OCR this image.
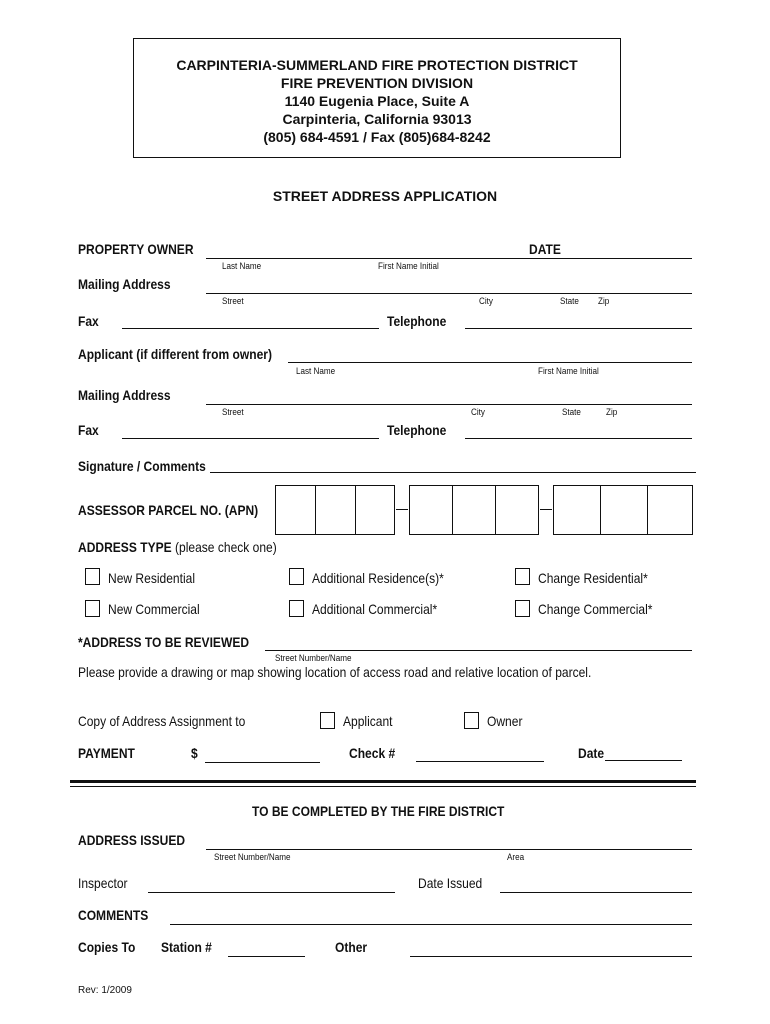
CARPINTERIA-SUMMERLAND FIRE PROTECTION DISTRICT
FIRE PREVENTION DIVISION
1140 Eugenia Place, Suite A
Carpinteria, California 93013
(805) 684-4591 / Fax (805)684-8242
STREET ADDRESS APPLICATION
PROPERTY OWNER	DATE
Last Name	First Name Initial
Mailing Address
Street	City	State Zip
Fax	Telephone
Applicant (if different from owner)
Last Name	First Name Initial
Mailing Address
Street	City	State	Zip
Fax	Telephone
Signature / Comments
ASSESSOR PARCEL NO. (APN)
ADDRESS TYPE (please check one)
New Residential	Additional Residence(s)*	Change Residential*
New Commercial	Additional Commercial*	Change Commercial*
*ADDRESS TO BE REVIEWED
Street Number/Name
Please provide a drawing or map showing location of access road and relative location of parcel.
Copy of Address Assignment to	Applicant	Owner
PAYMENT	$	Check #	Date
TO BE COMPLETED BY THE FIRE DISTRICT
ADDRESS ISSUED
Street Number/Name	Area
Inspector	Date Issued
COMMENTS
Copies To Station #	Other
Rev: 1/2009
